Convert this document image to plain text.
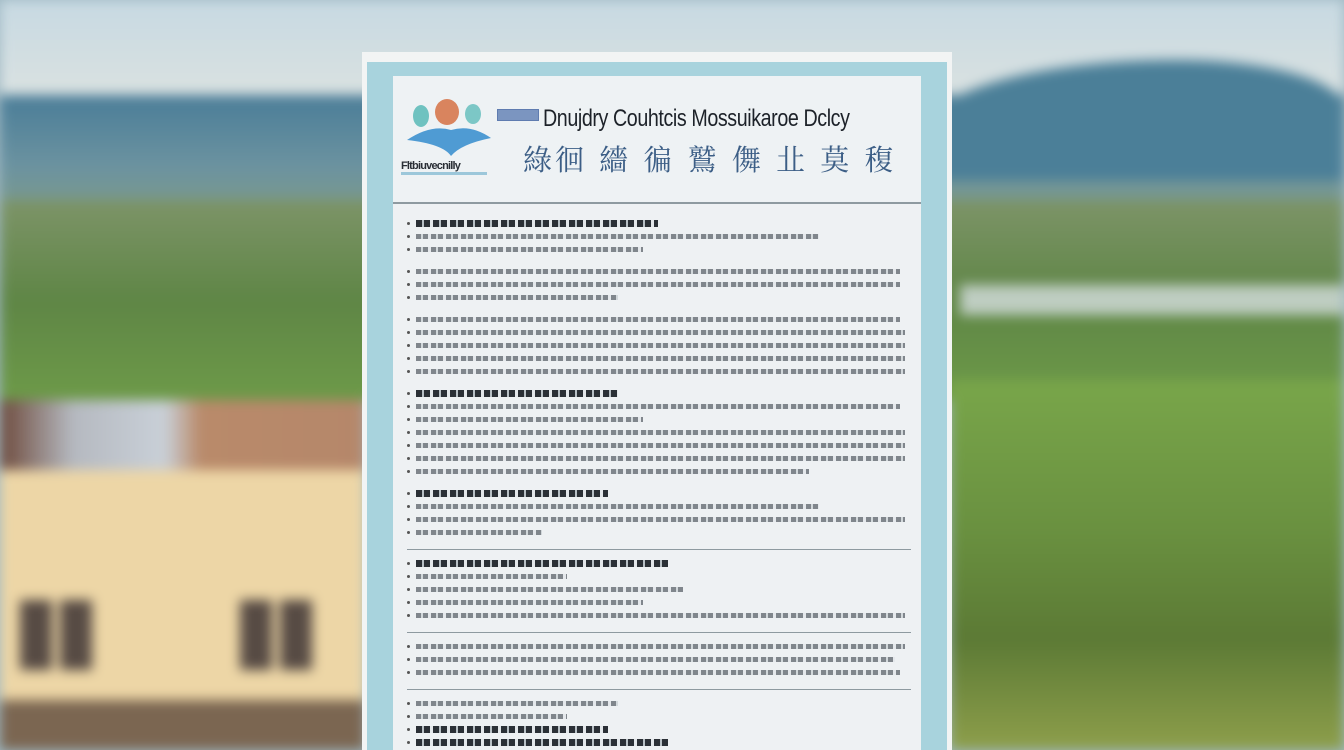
Fltbiuvecnilly
Dnujdry Couhtcis Mossuikaroe Dclcy
綠徊 繬 徧 鷲 儛 㐀 莫 稪
